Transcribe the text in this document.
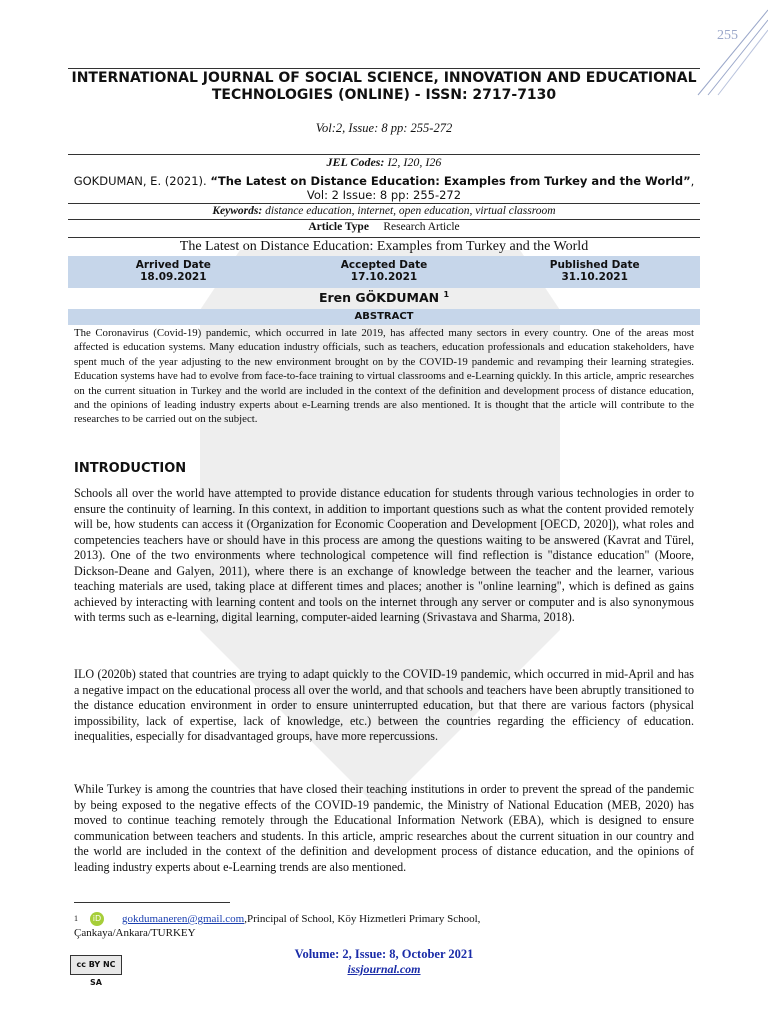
255
INTERNATIONAL JOURNAL OF SOCIAL SCIENCE, INNOVATION AND EDUCATIONAL
TECHNOLOGIES (ONLINE) - ISSN: 2717-7130
Vol:2, Issue: 8 pp: 255-272
JEL Codes: I2, I20, I26
GOKDUMAN, E. (2021). “The Latest on Distance Education: Examples from Turkey and the World”,
Vol: 2 Issue: 8 pp: 255-272
Keywords: distance education, internet, open education, virtual classroom
Article Type Research Article
The Latest on Distance Education: Examples from Turkey and the World
Arrived Date
18.09.2021
Accepted Date
17.10.2021
Published Date
31.10.2021
Eren GÖKDUMAN $^1$
ABSTRACT
The Coronavirus (Covid-19) pandemic, which occurred in late 2019, has affected many sectors in every country. One of the areas most affected is education systems. Many education industry officials, such as teachers, education professionals and education stakeholders, have spent much of the year adjusting to the new environment brought on by the COVID-19 pandemic and revamping their learning strategies. Education systems have had to evolve from face-to-face training to virtual classrooms and e-Learning quickly. In this article, ampric researches on the current situation in Turkey and the world are included in the context of the definition and development process of distance education, and the opinions of leading industry experts about e-Learning trends are also mentioned. It is thought that the article will contribute to the researches to be carried out on the subject.
INTRODUCTION
Schools all over the world have attempted to provide distance education for students through various technologies in order to ensure the continuity of learning. In this context, in addition to important questions such as what the content provided remotely will be, how students can access it (Organization for Economic Cooperation and Development [OECD, 2020]), what roles and competencies teachers have or should have in this process are among the questions waiting to be answered (Kavrat and Türel, 2013). One of the two environments where technological competence will find reflection is "distance education" (Moore, Dickson-Deane and Galyen, 2011), where there is an exchange of knowledge between the teacher and the learner, various teaching materials are used, taking place at different times and places; another is "online learning", which is defined as gains achieved by interacting with learning content and tools on the internet through any server or computer and is also synonymous with terms such as e-learning, digital learning, computer-aided learning (Srivastava and Sharma, 2018).
ILO (2020b) stated that countries are trying to adapt quickly to the COVID-19 pandemic, which occurred in mid-April and has a negative impact on the educational process all over the world, and that schools and teachers have been abruptly transitioned to the distance education environment in order to ensure uninterrupted education, but that there are various factors (physical impossibility, lack of expertise, lack of knowledge, etc.) between the countries regarding the efficiency of education. inequalities, especially for disadvantaged groups, have more repercussions.
While Turkey is among the countries that have closed their teaching institutions in order to prevent the spread of the pandemic by being exposed to the negative effects of the COVID-19 pandemic, the Ministry of National Education (MEB, 2020) has moved to continue teaching remotely through the Educational Information Network (EBA), which is designed to ensure communication between teachers and students. In this article, ampric researches about the current situation in our country and the world are included in the context of the definition and development process of distance education, and the opinions of leading industry experts about e-Learning trends are also mentioned.
1	iD gokdumaneren@gmail.com,Principal of School, Köy Hizmetleri Primary School,
Çankaya/Ankara/TURKEY
cc BY NC SA
Volume: 2, Issue: 8, October 2021
issjournal.com
